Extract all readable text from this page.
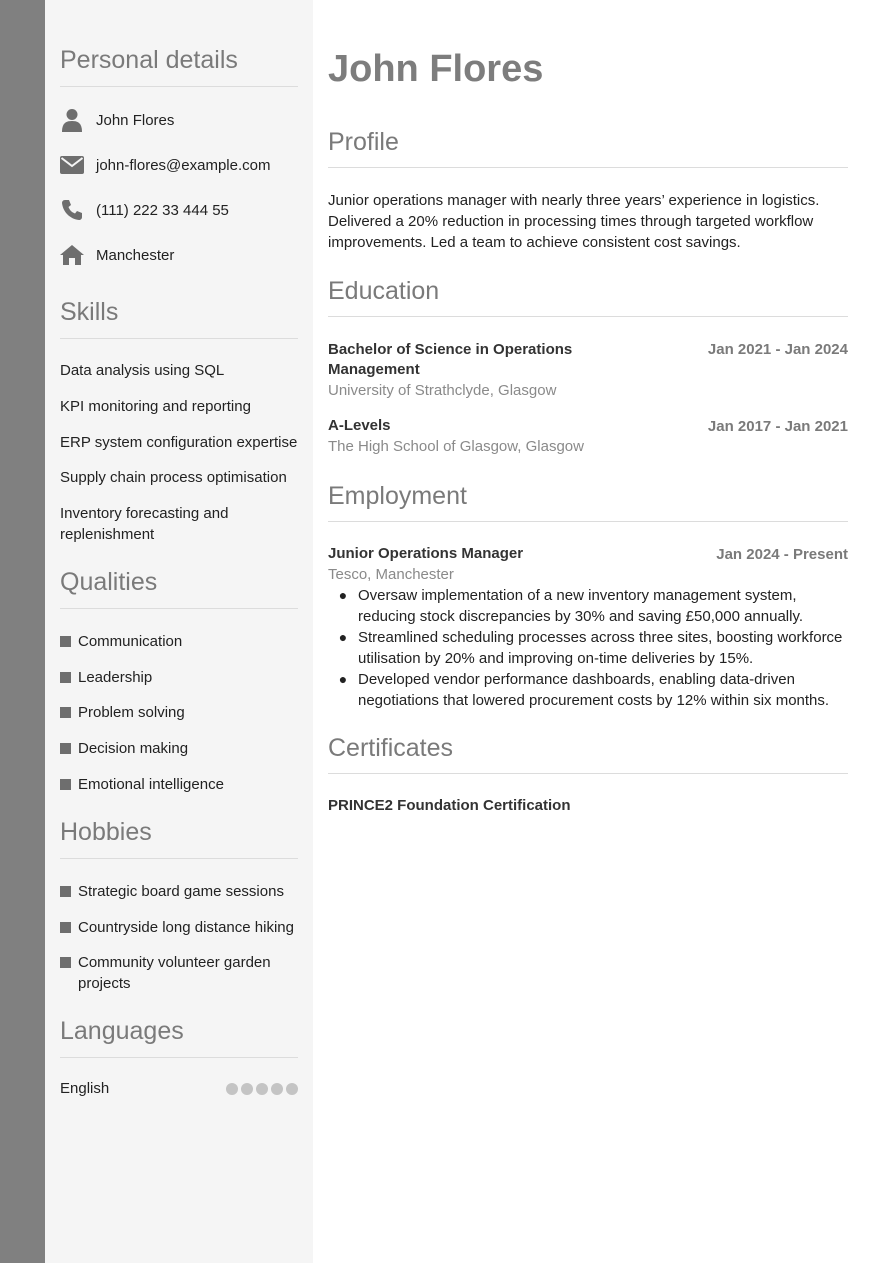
Personal details
John Flores
john-flores@example.com
(111) 222 33 444 55
Manchester
Skills
Data analysis using SQL
KPI monitoring and reporting
ERP system configuration expertise
Supply chain process optimisation
Inventory forecasting and replenishment
Qualities
Communication
Leadership
Problem solving
Decision making
Emotional intelligence
Hobbies
Strategic board game sessions
Countryside long distance hiking
Community volunteer garden projects
Languages
English
John Flores
Profile

Junior operations manager with nearly three years’ experience in logistics. Delivered a 20% reduction in processing times through targeted workflow improvements. Led a team to achieve consistent cost savings.

Education
Bachelor of Science in Operations Management
Jan 2021 - Jan 2024
University of Strathclyde, Glasgow
A-Levels	Jan 2017 - Jan 2021
The High School of Glasgow, Glasgow
Employment
Junior Operations Manager	Jan 2024 - Present
Tesco, Manchester
● Oversaw implementation of a new inventory management system, reducing stock discrepancies by 30% and saving £50,000 annually.
● Streamlined scheduling processes across three sites, boosting workforce utilisation by 20% and improving on-time deliveries by 15%.
● Developed vendor performance dashboards, enabling data-driven negotiations that lowered procurement costs by 12% within six months.
Certificates
PRINCE2 Foundation Certification
